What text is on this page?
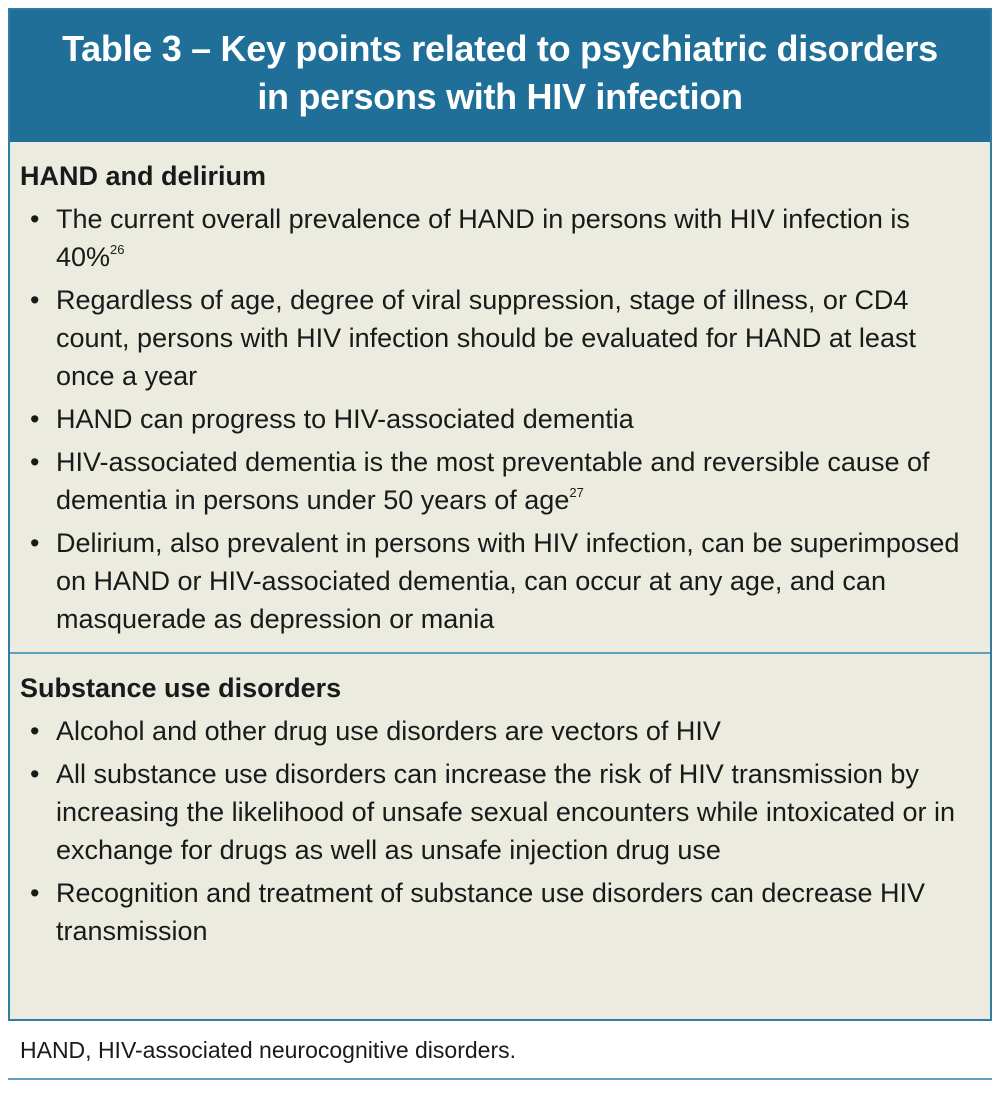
Table 3 – Key points related to psychiatric disorders
in persons with HIV infection
HAND and delirium
• The current overall prevalence of HAND in persons with HIV infection is 40%$^{26}$
• Regardless of age, degree of viral suppression, stage of illness, or CD4 count, persons with HIV infection should be evaluated for HAND at least once a year
• HAND can progress to HIV-associated dementia
• HIV-associated dementia is the most preventable and reversible cause of dementia in persons under 50 years of age$^{27}$
• Delirium, also prevalent in persons with HIV infection, can be superimposed on HAND or HIV-associated dementia, can occur at any age, and can masquerade as depression or mania
Substance use disorders
• Alcohol and other drug use disorders are vectors of HIV
• All substance use disorders can increase the risk of HIV transmission by increasing the likelihood of unsafe sexual encounters while intoxicated or in exchange for drugs as well as unsafe injection drug use
• Recognition and treatment of substance use disorders can decrease HIV transmission
HAND, HIV-associated neurocognitive disorders.
